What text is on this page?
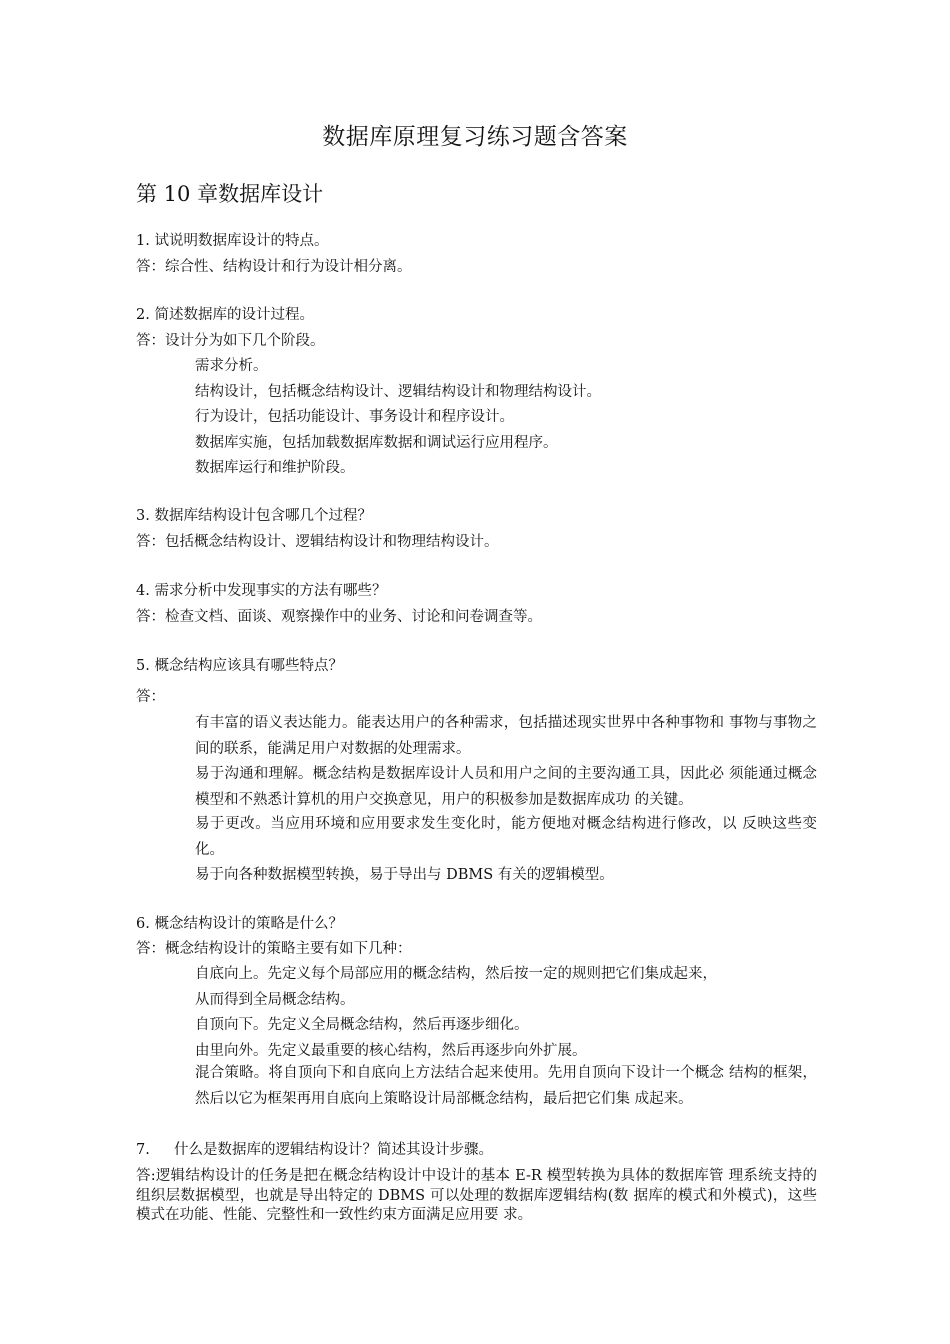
数据库原理复习练习题含答案
第 10 章数据库设计
1. 试说明数据库设计的特点。
答：综合性、结构设计和行为设计相分离。
2. 简述数据库的设计过程。
答：设计分为如下几个阶段。
需求分析。
结构设计，包括概念结构设计、逻辑结构设计和物理结构设计。
行为设计，包括功能设计、事务设计和程序设计。
数据库实施，包括加载数据库数据和调试运行应用程序。
数据库运行和维护阶段。
3. 数据库结构设计包含哪几个过程？
答：包括概念结构设计、逻辑结构设计和物理结构设计。
4. 需求分析中发现事实的方法有哪些？
答：检查文档、面谈、观察操作中的业务、讨论和问卷调查等。
5. 概念结构应该具有哪些特点？
答：
有丰富的语义表达能力。能表达用户的各种需求，包括描述现实世界中各种事物和 事物与事物之间的联系，能满足用户对数据的处理需求。
易于沟通和理解。概念结构是数据库设计人员和用户之间的主要沟通工具，因此必 须能通过概念模型和不熟悉计算机的用户交换意见，用户的积极参加是数据库成功 的关键。
易于更改。当应用环境和应用要求发生变化时，能方便地对概念结构进行修改，以 反映这些变化。
易于向各种数据模型转换，易于导出与 DBMS 有关的逻辑模型。
6. 概念结构设计的策略是什么？
答：概念结构设计的策略主要有如下几种：
自底向上。先定义每个局部应用的概念结构，然后按一定的规则把它们集成起来，
从而得到全局概念结构。
自顶向下。先定义全局概念结构，然后再逐步细化。
由里向外。先定义最重要的核心结构，然后再逐步向外扩展。
混合策略。将自顶向下和自底向上方法结合起来使用。先用自顶向下设计一个概念 结构的框架，然后以它为框架再用自底向上策略设计局部概念结构，最后把它们集 成起来。
7. 什么是数据库的逻辑结构设计？简述其设计步骤。
答:逻辑结构设计的任务是把在概念结构设计中设计的基本 E-R 模型转换为具体的数据库管 理系统支持的组织层数据模型，也就是导出特定的 DBMS 可以处理的数据库逻辑结构(数 据库的模式和外模式)，这些模式在功能、性能、完整性和一致性约束方面满足应用要 求。
